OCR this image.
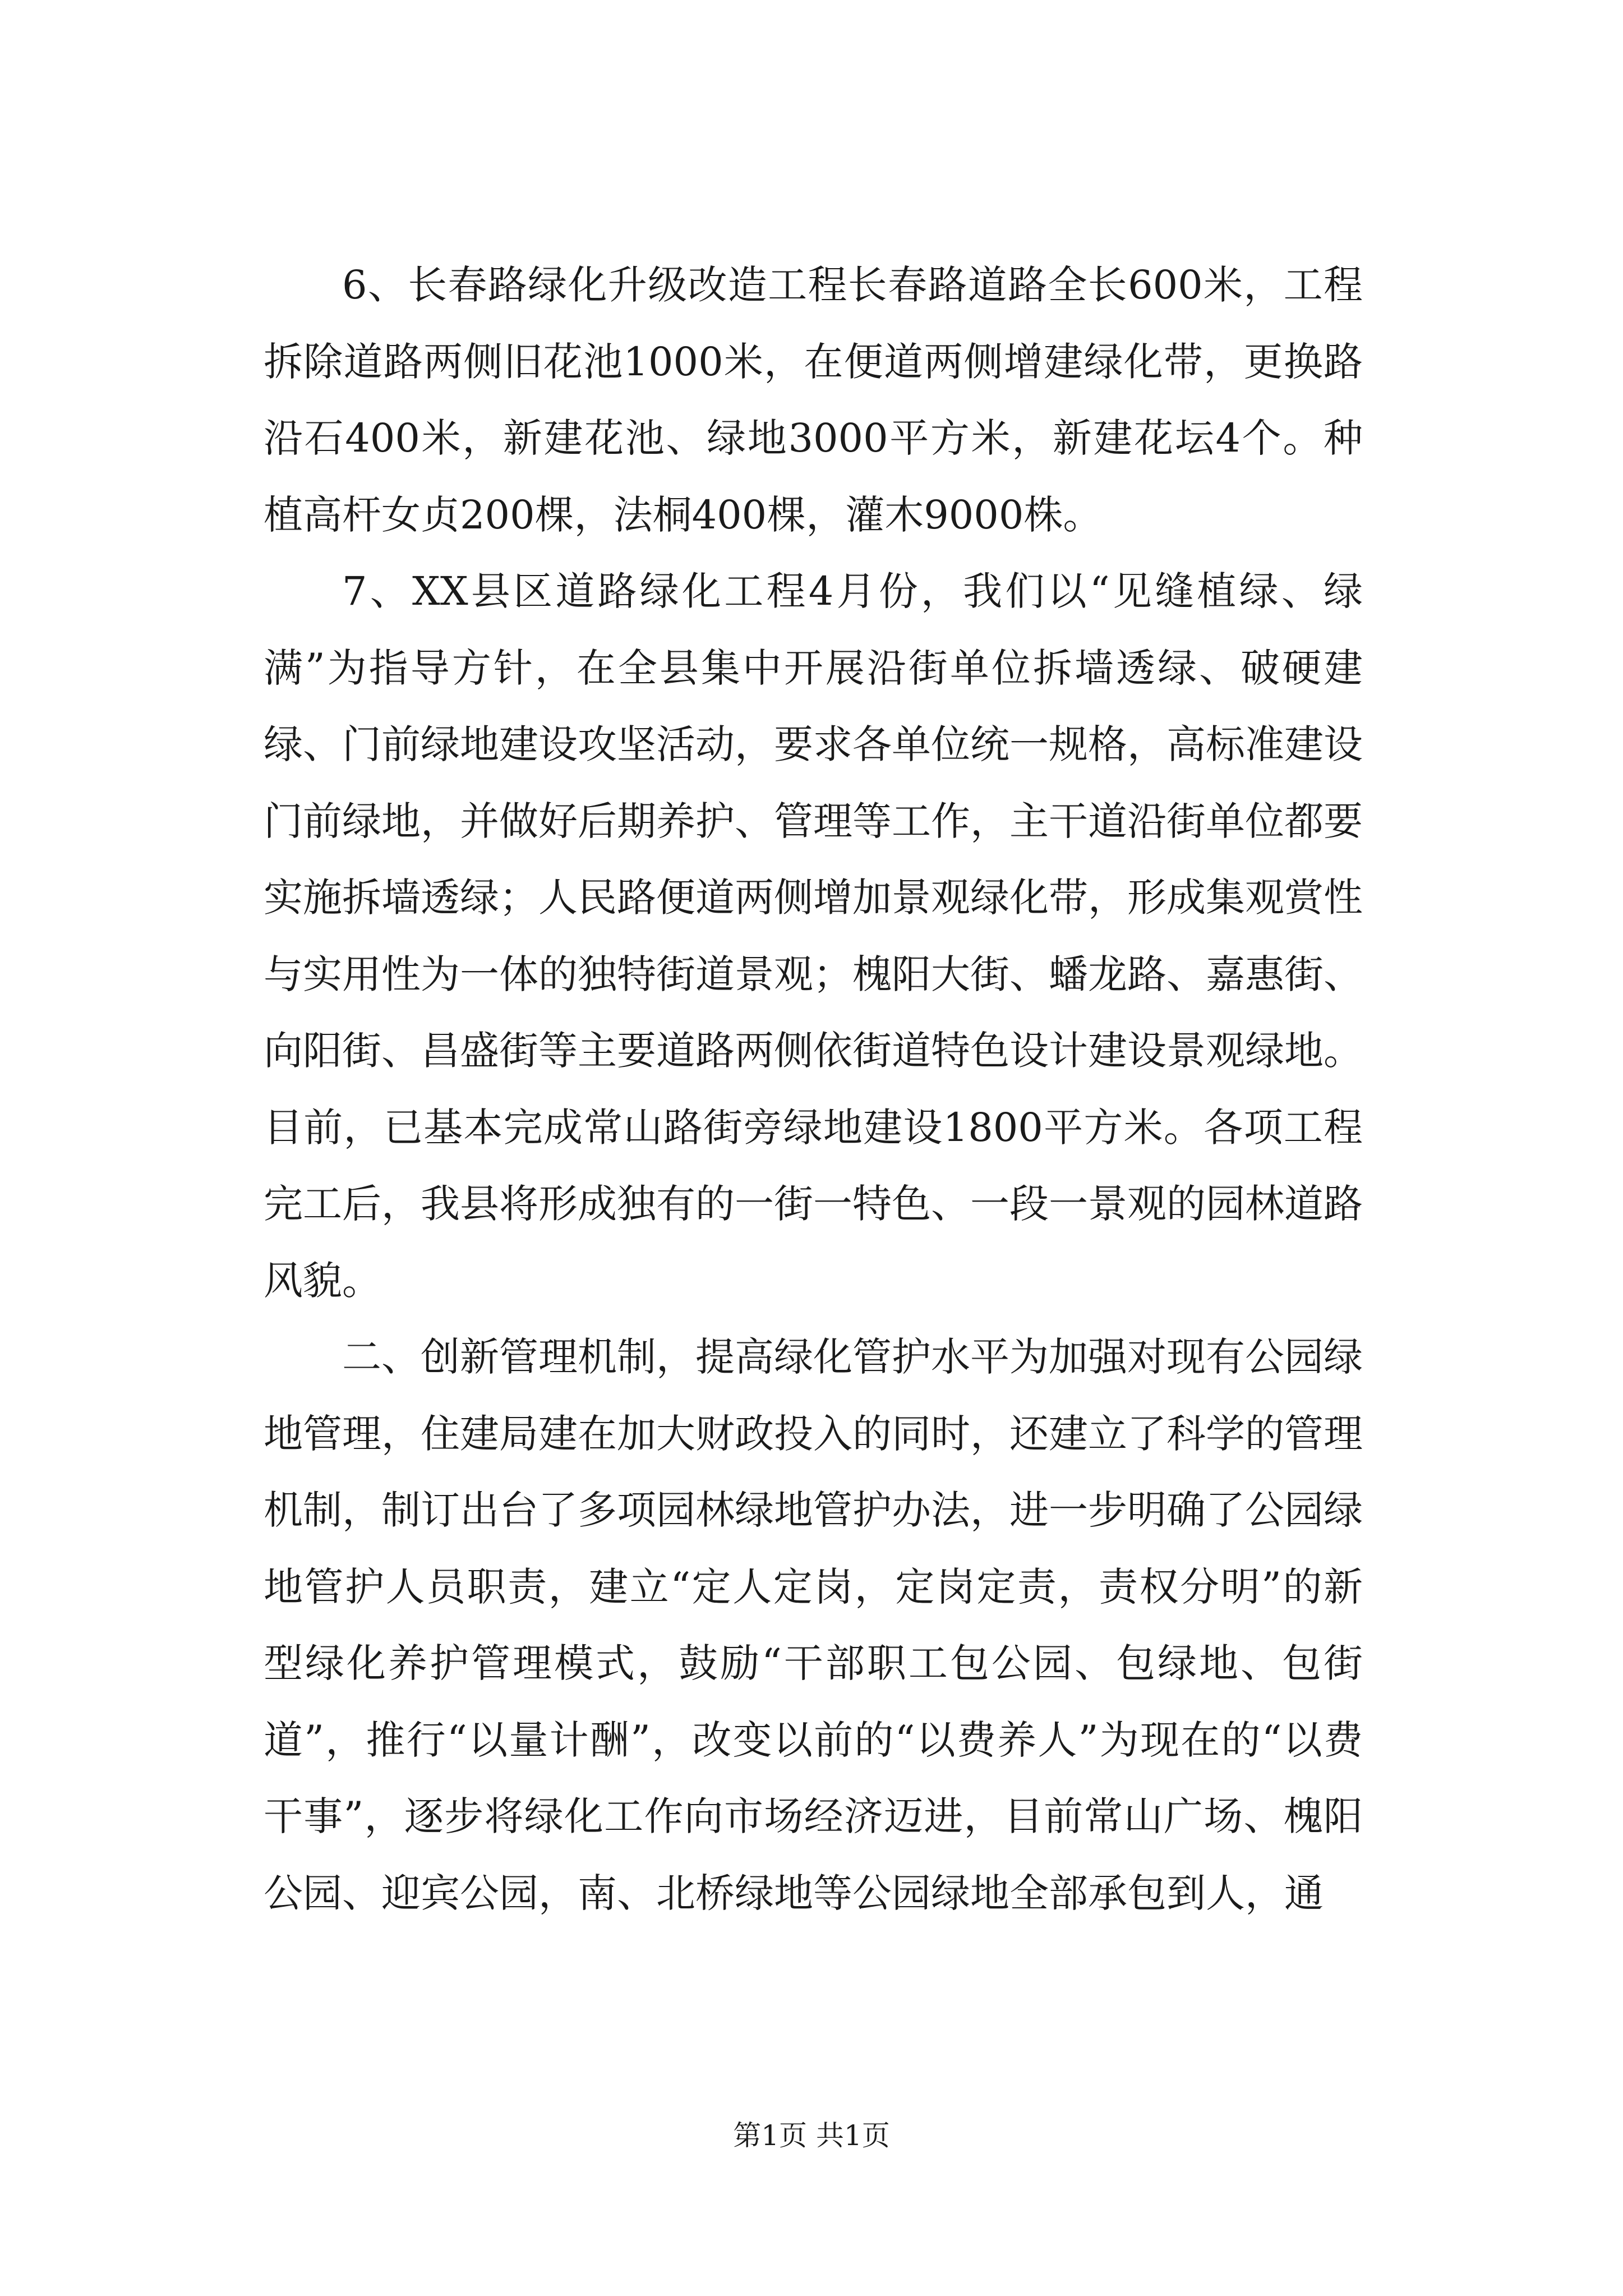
6、长春路绿化升级改造工程长春路道路全长600米，工程拆除道路两侧旧花池1000米，在便道两侧增建绿化带，更换路沿石400米，新建花池、绿地3000平方米，新建花坛4个。种植高杆女贞200棵，法桐400棵，灌木9000株。

7、XX县区道路绿化工程4月份，我们以“见缝植绿、绿满”为指导方针，在全县集中开展沿街单位拆墙透绿、破硬建绿、门前绿地建设攻坚活动，要求各单位统一规格，高标准建设门前绿地，并做好后期养护、管理等工作，主干道沿街单位都要实施拆墙透绿；人民路便道两侧增加景观绿化带，形成集观赏性与实用性为一体的独特街道景观；槐阳大街、蟠龙路、嘉惠街、向阳街、昌盛街等主要道路两侧依街道特色设计建设景观绿地。目前，已基本完成常山路街旁绿地建设1800平方米。各项工程完工后，我县将形成独有的一街一特色、一段一景观的园林道路风貌。

二、创新管理机制，提高绿化管护水平为加强对现有公园绿地管理，住建局建在加大财政投入的同时，还建立了科学的管理机制，制订出台了多项园林绿地管护办法，进一步明确了公园绿地管护人员职责，建立“定人定岗，定岗定责，责权分明”的新型绿化养护管理模式，鼓励“干部职工包公园、包绿地、包街道”，推行“以量计酬”，改变以前的“以费养人”为现在的“以费干事”，逐步将绿化工作向市场经济迈进，目前常山广场、槐阳公园、迎宾公园，南、北桥绿地等公园绿地全部承包到人，通

第1页 共1页
